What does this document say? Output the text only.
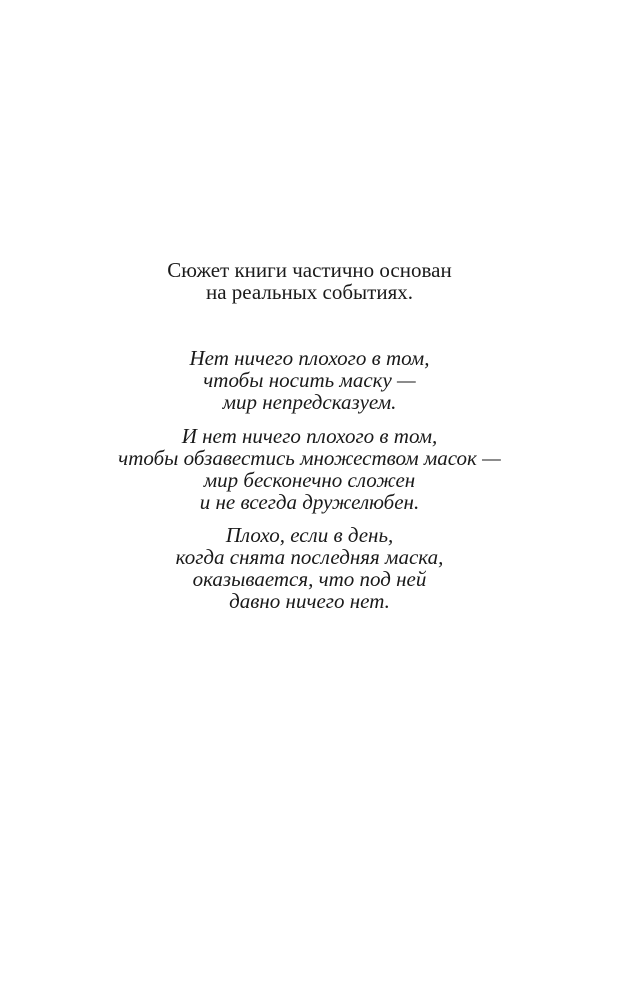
Сюжет книги частично основан
на реальных событиях.
Нет ничего плохого в том,
чтобы носить маску —
мир непредсказуем.
И нет ничего плохого в том,
чтобы обзавестись множеством масок —
мир бесконечно сложен
и не всегда дружелюбен.
Плохо, если в день,
когда снята последняя маска,
оказывается, что под ней
давно ничего нет.
